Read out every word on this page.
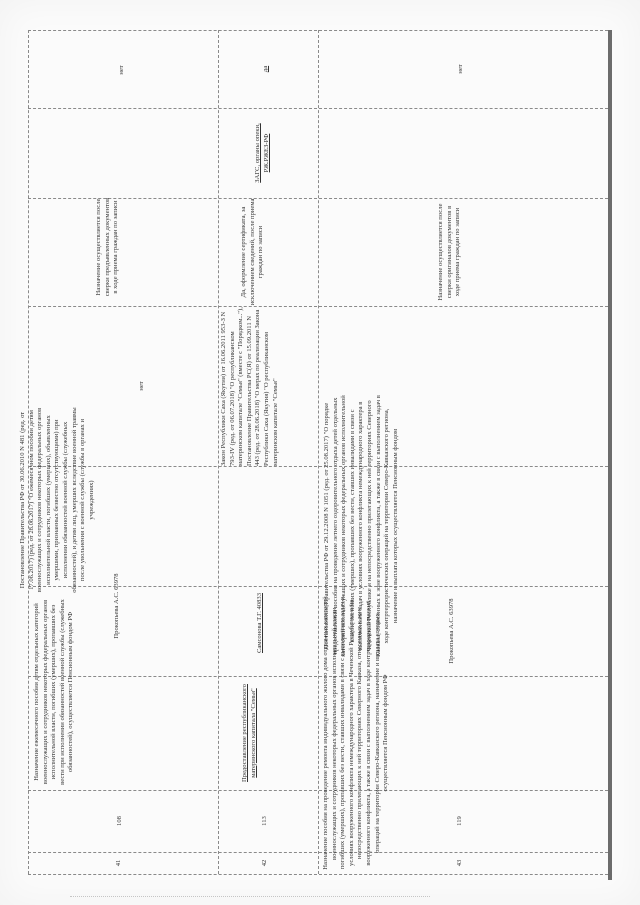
41
108
Назначение ежемесячного пособия детям отдельных категорий военнослужащих и сотрудников некоторых федеральных органов исполнительной власти, погибших (умерших), пропавших без вести при исполнении обязанностей военной службы (служебных обязанностей), осуществляется Пенсионным фондом РФ
Прокопьева А.С. 63978
Постановление Правительства РФ от 30.06.2010 N 481 (ред. от 17.06.2017) (ред. от 28.06.2017) "О ежемесячном пособии детям военнослужащих и сотрудников некоторых федеральных органов исполнительной власти, погибших (умерших), объявленных умершими, признанных безвестно отсутствующими) при исполнении обязанностей военной службы (служебных обязанностей), и детям лиц, умерших вследствие военной травмы после увольнения с военной службы (службы в органах и учреждениях)
нет
Назначение осуществляется после сверки предъявленных документов в ходе приема граждан по записи
нет
42
113
Предоставление республиканского материнского капитала "Семья"
Самсонова Т.Г. 40833
Закон Республики Саха (Якутия) от 16.06.2011 953-З N 793-IV (ред. от 06.07.2018) "О республиканском материнском капитале "Семья" (вместе с "Порядком..."), Постановление Правительства РС(Я) от 15.09.2011 N 443 (ред. от 28.06.2018) "О мерах по реализации Закона Республики Саха (Якутия) "О республиканском материнском капитале "Семья"
Да, оформление сертификата, за исключением сведений, после приема граждан по записи
ЗАГС, органы опеки, РЖ.РЖЕЗ-РФ
да
43
119
Назначение пособия на проведение ремонта индивидуального жилого дома отдельных категорий военнослужащих и сотрудников некоторых федеральных органов исполнительной власти, погибших (умерших), пропавших без вести, ставших инвалидами в связи с выполнением задач в условиях вооруженного конфликта немеждународного характера в Чеченской Республике и на непосредственно прилегающих к ней территориях Северного Кавказа, отнесенных к зоне вооруженного конфликта, а также в связи с выполнением задач в ходе контртеррористических операций на территории Северо-Кавказского региона, назначение и выплата которых осуществляется Пенсионным фондом РФ
Прокопьева А.С. 63978
Постановление Правительства РФ от 29.12.2008 N 1051 (ред. от 25.08.2017) "О порядке предоставления пособия на проведение летнего оздоровительного отдыха детей отдельных категорий военнослужащих и сотрудников некоторых федеральных органов исполнительной власти, погибших (умерших), пропавших без вести, ставших инвалидами в связи с выполнением задач в условиях вооруженного конфликта немеждународного характера в Чеченской Республике и на непосредственно прилегающих к ней территориях Северного Кавказа, отнесенных к зоне вооруженного конфликта, а также в связи с выполнением задач в ходе контртеррористических операций на территории Северо-Кавказского региона, назначение и выплата которых осуществляется Пенсионным фондом
Назначение осуществляется после сверки оригиналов документов в ходе приема граждан по записи
нет
